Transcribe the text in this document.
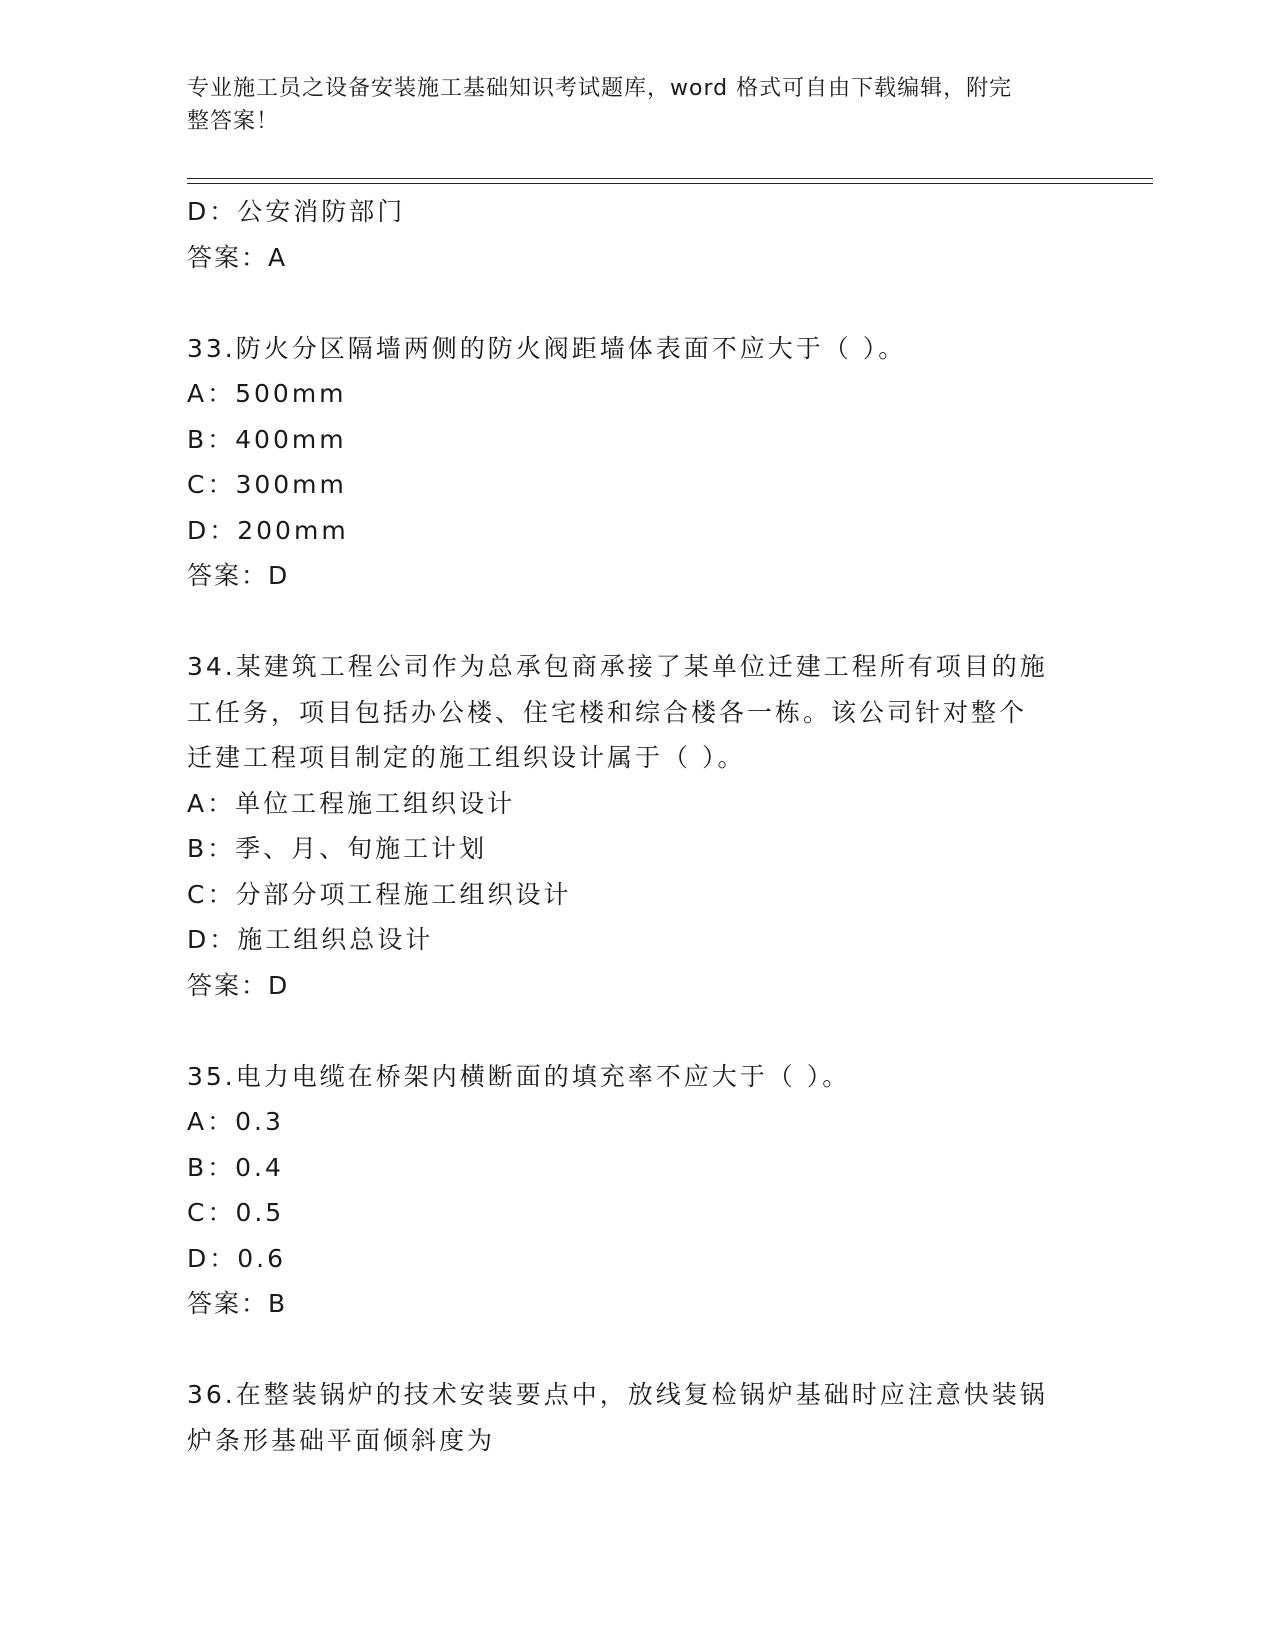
专业施工员之设备安装施工基础知识考试题库，word 格式可自由下载编辑，附完
整答案！
D：公安消防部门
答案：A
33.防火分区隔墙两侧的防火阀距墙体表面不应大于（ ）。
A：500mm
B：400mm
C：300mm
D：200mm
答案：D
34.某建筑工程公司作为总承包商承接了某单位迁建工程所有项目的施
工任务，项目包括办公楼、住宅楼和综合楼各一栋。该公司针对整个
迁建工程项目制定的施工组织设计属于（ ）。
A：单位工程施工组织设计
B：季、月、旬施工计划
C：分部分项工程施工组织设计
D：施工组织总设计
答案：D
35.电力电缆在桥架内横断面的填充率不应大于（ ）。
A：0.3
B：0.4
C：0.5
D：0.6
答案：B
36.在整装锅炉的技术安装要点中，放线复检锅炉基础时应注意快装锅
炉条形基础平面倾斜度为
